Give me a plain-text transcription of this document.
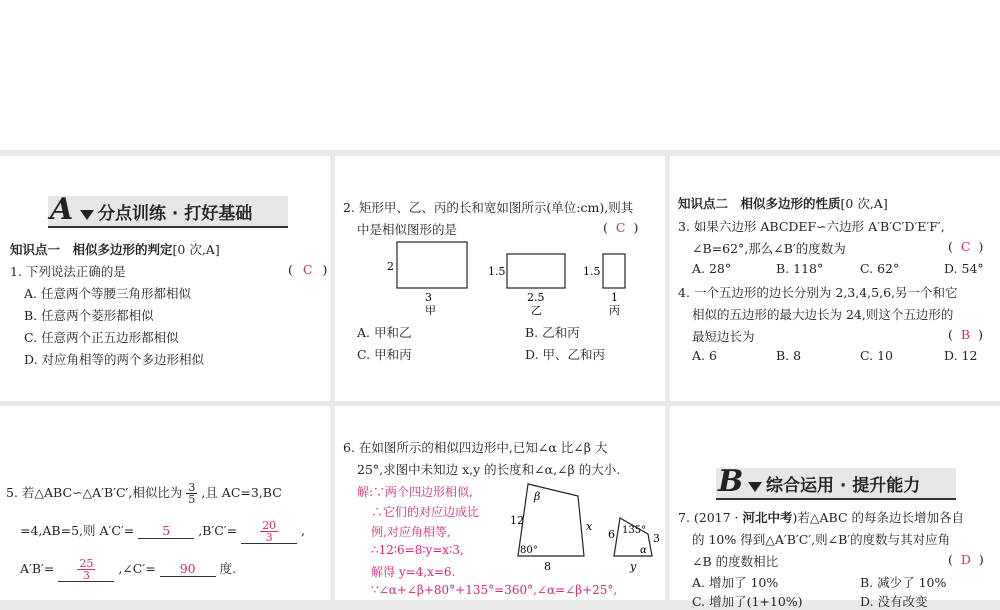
A	分点训练 · 打好基础
知识点一　相似多边形的判定[0 次,A]
1. 下列说法正确的是	( C )
A. 任意两个等腰三角形都相似
B. 任意两个菱形都相似
C. 任意两个正五边形都相似
D. 对应角相等的两个多边形相似
2. 矩形甲、乙、丙的长和宽如图所示(单位:cm),则其
中是相似图形的是	( C )
2
3
甲
1.5
2.5
乙
1.5
1
丙
A. 甲和乙	B. 乙和丙
C. 甲和丙	D. 甲、乙和丙
知识点二　相似多边形的性质[0 次,A]
3. 如果六边形 ABCDEF∽六边形 A′B′C′D′E′F′,
∠B=62°,那么∠B′的度数为	( C )
A. 28°	B. 118°	C. 62°	D. 54°
4. 一个五边形的边长分别为 2,3,4,5,6,另一个和它
相似的五边形的最大边长为 24,则这个五边形的
最短边长为	( B )
A. 6	B. 8	C. 10	D. 12
5. 若△ABC∽△A′B′C′,相似比为 $\frac{3}{5}$ ,且 AC=3,BC
=4,AB=5,则 A′C′= 5 $,B'C'= \frac{20}{3}$ ,
$A'B'= \frac{25}{3}$ ,∠C′= 90 度.
6. 在如图所示的相似四边形中,已知∠α 比∠β 大
25°,求图中未知边 x,y 的长度和∠α,∠β 的大小.
解:∵两个四边形相似,
∴它们的对应边成比
例,对应角相等,
∴12∶6=8∶y=x∶3,
解得 y=4,x=6.
∵∠α+∠β+80°+135°=360°,∠α=∠β+25°,
β
12	x
80°
8
135°
α
6	3
y
B 综合运用 · 提升能力
7. (2017 · 河北中考)若△ABC 的每条边长增加各自
的 10% 得到△A′B′C′,则∠B′的度数与其对应角
∠B 的度数相比	( D )
A. 增加了 10%	B. 减少了 10%
C. 增加了(1+10%)	D. 没有改变
